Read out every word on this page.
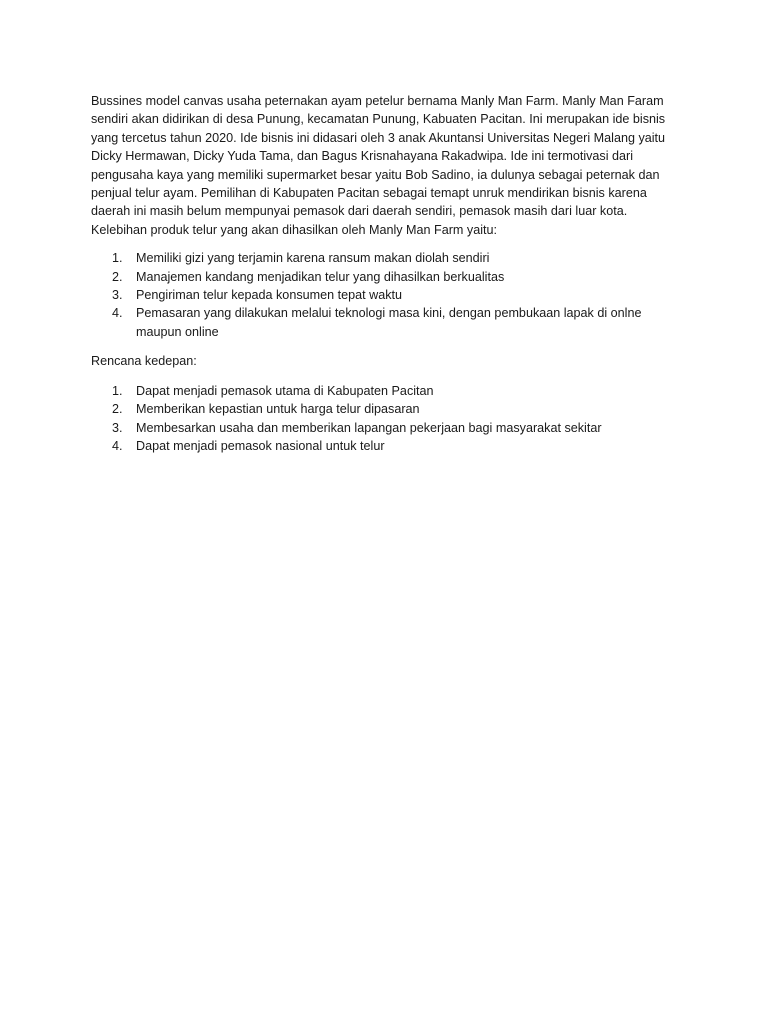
Bussines model canvas usaha peternakan ayam petelur bernama Manly Man Farm. Manly Man Faram
sendiri akan didirikan di desa Punung, kecamatan Punung, Kabuaten Pacitan. Ini merupakan ide bisnis
yang tercetus tahun 2020. Ide bisnis ini didasari oleh 3 anak Akuntansi Universitas Negeri Malang yaitu
Dicky Hermawan, Dicky Yuda Tama, dan Bagus Krisnahayana Rakadwipa. Ide ini termotivasi dari
pengusaha kaya yang memiliki supermarket besar yaitu Bob Sadino, ia dulunya sebagai peternak dan
penjual telur ayam. Pemilihan di Kabupaten Pacitan sebagai temapt unruk mendirikan bisnis karena
daerah ini masih belum mempunyai pemasok dari daerah sendiri, pemasok masih dari luar kota.
Kelebihan produk telur yang akan dihasilkan oleh Manly Man Farm yaitu:

1. Memiliki gizi yang terjamin karena ransum makan diolah sendiri
2. Manajemen kandang menjadikan telur yang dihasilkan berkualitas
3. Pengiriman telur kepada konsumen tepat waktu
4. Pemasaran yang dilakukan melalui teknologi masa kini, dengan pembukaan lapak di onlne
maupun online

Rencana kedepan:

1. Dapat menjadi pemasok utama di Kabupaten Pacitan
2. Memberikan kepastian untuk harga telur dipasaran
3. Membesarkan usaha dan memberikan lapangan pekerjaan bagi masyarakat sekitar
4. Dapat menjadi pemasok nasional untuk telur
